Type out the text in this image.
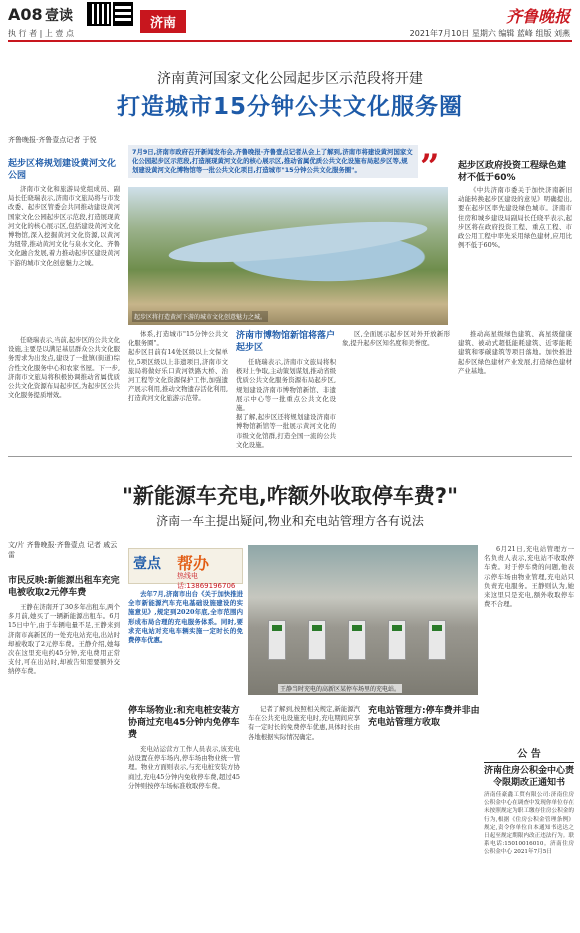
A08 壹读	济南	齐鲁晚报
执 行 者 | 上 壹 点	2021年7月10日 星期六 编辑 蓝峰 组版 刘燕
济南黄河国家文化公园起步区示范段将开建
打造城市15分钟公共文化服务圈
齐鲁晚报·齐鲁壹点记者 于悦
7月9日,济南市政府召开新闻发布会,齐鲁晚报·齐鲁壹点记者从会上了解到,济南市将建设黄河国家文化公园起步区示范段,打造展现黄河文化的核心展示区,推动省属优质公共文化设施布局起步区等,规划建设黄河文化博物馆等一批公共文化项目,打造城市"15分钟公共文化服务圈"。	”
起步区将打造黄河下游的城市文化创意魅力之城。
起步区将规划建设黄河文化公园
济南市文化和旅游局党组成员、副局长任晓瑞表示,济南市文旅局将与市发改委、起步区管委会共同推动建设黄河国家文化公园起步区示范段,打造展现黄河文化的核心展示区,包括建设黄河文化博物馆,深入挖掘黄河文化资源,以黄河为纽带,推动黄河文化与泉水文化、齐鲁文化融合发展,着力推动起步区建设黄河下游的城市文化创意魅力之城。
任晓瑞表示,当前,起步区的公共文化设施,主要是以满足基层群众公共文化服务需求为出发点,建设了一批镇(街道)综合性文化服务中心和农家书屋。下一步,济南市文旅局将积极协调推动省属优质公共文化资源布局起步区,为起步区公共文化服务提质增效。
体系,打造城市"15分钟公共文化服务圈"。
起步区目前有14处区级以上文保单位,5项区级以上非遗项目,济南市文旅局将做好乐口黄河铁路大桥、治河工程等文化资源保护工作,加强遗产展示利用,推动文物遗存活化利用,打造黄河文化旅游示范带。
济南市博物馆新馆将落户起步区
任晓瑞表示,济南市文旅局将积极对上争取,主动策划谋划,推动省级优质公共文化服务资源布局起步区,规划建设济南市博物馆新馆、非遗展示中心等一批重点公共文化设施。
据了解,起步区还将规划建设济南市博物馆新馆等一批展示黄河文化的市级文化馆群,打造全国一流的公共文化设施。
区,全面展示起步区对外开放新形象,提升起步区知名度和美誉度。
起步区政府投资工程绿色建材不低于60%
《中共济南市委关于加快济南新旧动能转换起步区建设的意见》明确提出,要在起步区率先建设绿色城市。济南市住房和城乡建设局副局长任晓平表示,起步区将在政府投资工程、重点工程、市政公用工程中率先采用绿色建材,应用比例不低于60%。
推动高星级绿色建筑、高星级健康建筑、被动式超低能耗建筑、近零能耗建筑和零碳建筑等项目落地。加快推进起步区绿色建材产业发展,打造绿色建材产业基地。
"新能源车充电,咋额外收取停车费?"
济南一车主提出疑问,物业和充电站管理方各有说法
文/片 齐鲁晚报·齐鲁壹点 记者 戚云雷
市民反映:新能源出租车充完电被收取2元停车费
王静在济南开了30多年出租车,两个多月前,她买了一辆新能源出租车。6月15日中午,由于车辆电量不足,王静来到济南市高新区的一处充电站充电,出站时却被收取了2元停车费。王静介绍,她每次在这里充电约45分钟,充电费用正常支付,可在出站时,却被告知需要额外交纳停车费。
壹点 帮办
热线电话:13869196706
去年7月,济南市出台《关于加快推进全市新能源汽车充电基础设施建设的实施意见》,规定到2020年底,全市范围内形成布局合理的充电服务体系。同时,要求充电站对充电车辆实施一定时长的免费停车优惠。
王静当时充电的高新区某停车场里的充电站。
6月21日,充电站管理方一名负责人表示,充电站不收取停车费。对于停车费的问题,他表示停车场由物业管理,充电站只负责充电服务。王静则认为,她来这里只是充电,额外收取停车费不合理。
停车场物业:和充电桩安装方协商过充电45分钟内免停车费
充电站运营方工作人员表示,该充电站设置在停车场内,停车场由物业统一管理。物业方面则表示,与充电桩安装方协商过,充电45分钟内免收停车费,超过45分钟则按停车场标准收取停车费。
记者了解到,按照相关规定,新能源汽车在公共充电设施充电时,充电期间应享有一定时长的免费停车优惠,具体时长由各地根据实际情况确定。
充电站管理方:停车费并非由充电站管理方收取
公 告
济南住房公积金中心责令限期改正通知书
济南佳豪鑫工贸有限公司:济南住房公积金中心在调查中发现你单位存在未按照规定为职工缴存住房公积金的行为,根据《住房公积金管理条例》规定,责令你单位自本通知书送达之日起至规定期限内改正违法行为。联系电话:15010016010。济南住房公积金中心 2021年7月5日
